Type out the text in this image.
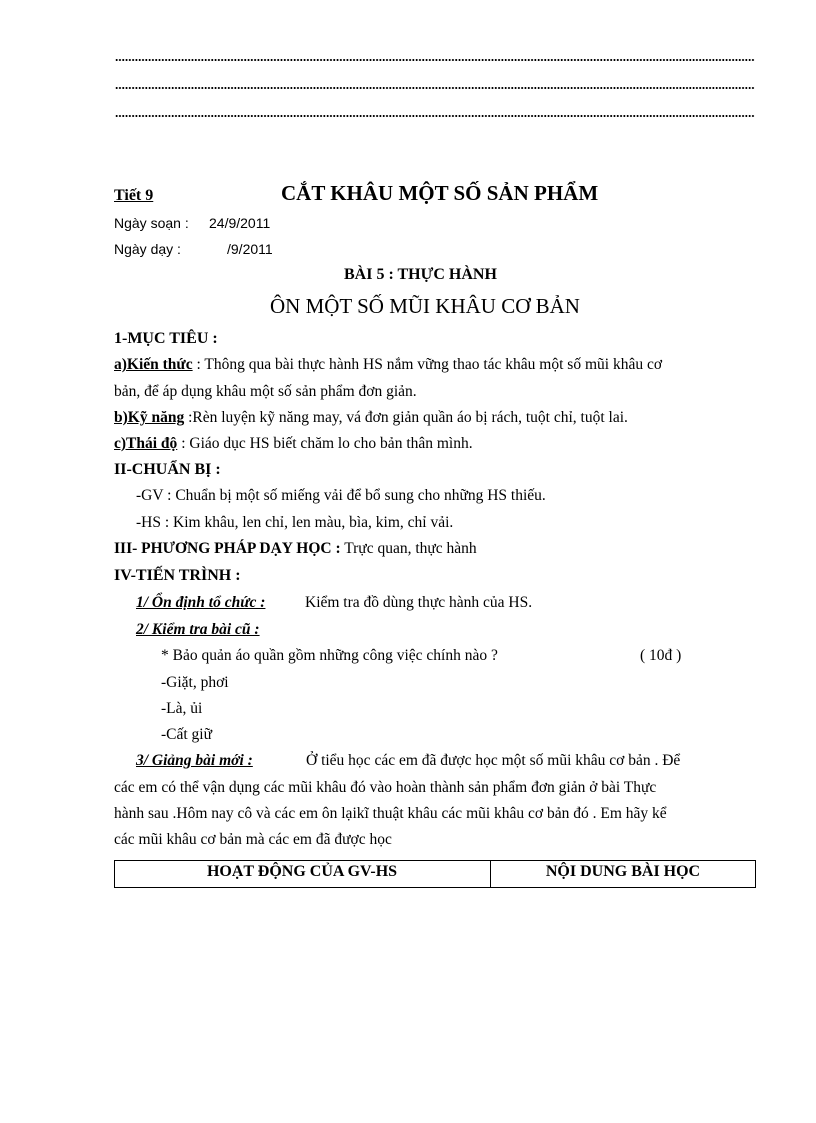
Tiết 9	CẮT KHÂU MỘT SỐ SẢN PHẨM
Ngày soạn : 24/9/2011
Ngày dạy :	/9/2011
BÀI 5 : THỰC HÀNH
ÔN MỘT SỐ MŨI KHÂU CƠ BẢN
1-MỤC TIÊU :
a)Kiến thức : Thông qua bài thực hành HS nắm vững thao tác khâu một số mũi khâu cơ
bản, để áp dụng khâu một số sản phẩm đơn giản.
b)Kỹ năng :Rèn luyện kỹ năng may, vá đơn giản quần áo bị rách, tuột chỉ, tuột lai.
c)Thái độ : Giáo dục HS biết chăm lo cho bản thân mình.
II-CHUẨN BỊ :
-GV : Chuẩn bị một số miếng vải để bổ sung cho những HS thiếu.
-HS : Kim khâu, len chỉ, len màu, bìa, kim, chỉ vải.
III- PHƯƠNG PHÁP DẠY HỌC : Trực quan, thực hành
IV-TIẾN TRÌNH :
1/ Ổn định tổ chức :	Kiểm tra đồ dùng thực hành của HS.
2/ Kiểm tra bài cũ :
* Bảo quản áo quần gồm những công việc chính nào ?	( 10đ )
-Giặt, phơi
-Là, ủi
-Cất giữ
3/ Giảng bài mới :	Ở tiểu học các em đã được học một số mũi khâu cơ bản . Để
các em có thể vận dụng các mũi khâu đó vào hoàn thành sản phẩm đơn giản ở bài Thực
hành sau .Hôm nay cô và các em ôn lạikĩ thuật khâu các mũi khâu cơ bản đó . Em hãy kể
các mũi khâu cơ bản mà các em đã được học
HOẠT ĐỘNG CỦA GV-HS	NỘI DUNG BÀI HỌC
